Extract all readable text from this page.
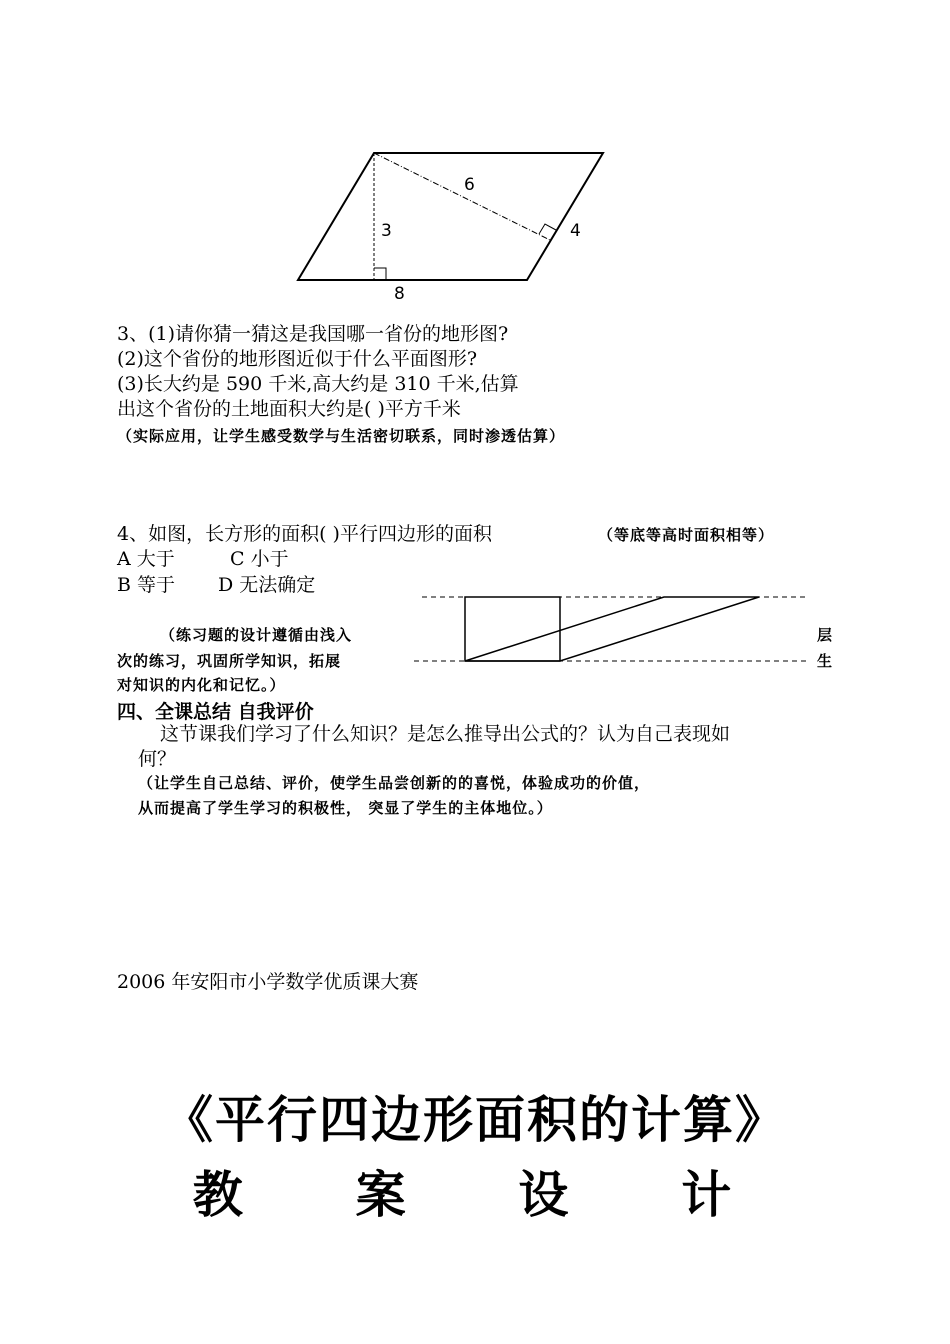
6
3	4
8
3、(1)请你猜一猜这是我国哪一省份的地形图?
(2)这个省份的地形图近似于什么平面图形?
(3)长大约是 590 千米,高大约是 310 千米,估算
出这个省份的土地面积大约是( )平方千米
（实际应用，让学生感受数学与生活密切联系，同时渗透估算）
4、如图，长方形的面积( )平行四边形的面积	（等底等高时面积相等）
A 大于	C 小于
B 等于 D 无法确定
（练习题的设计遵循由浅入	层
次的练习，巩固所学知识，拓展	生
对知识的内化和记忆。）
四、全课总结 自我评价
这节课我们学习了什么知识？是怎么推导出公式的？认为自己表现如
何？
（让学生自己总结、评价，使学生品尝创新的的喜悦，体验成功的价值，
从而提高了学生学习的积极性， 突显了学生的主体地位。）
2006 年安阳市小学数学优质课大赛
《平行四边形面积的计算》
教  案  设  计
